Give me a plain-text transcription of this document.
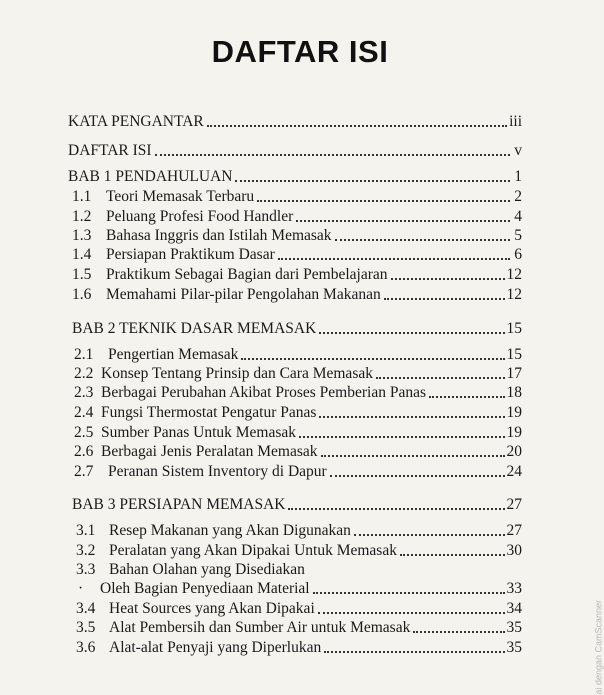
DAFTAR ISI
KATA PENGANTAR	iii
DAFTAR ISI	v
BAB 1 PENDAHULUAN	1
1.1 Teori Memasak Terbaru	2
1.2 Peluang Profesi Food Handler	4
1.3 Bahasa Inggris dan Istilah Memasak	5
1.4 Persiapan Praktikum Dasar	6
1.5 Praktikum Sebagai Bagian dari Pembelajaran	12
1.6 Memahami Pilar-pilar Pengolahan Makanan	12
BAB 2 TEKNIK DASAR MEMASAK	15
2.1 Pengertian Memasak	15
2.2 Konsep Tentang Prinsip dan Cara Memasak	17
2.3 Berbagai Perubahan Akibat Proses Pemberian Panas	18
2.4 Fungsi Thermostat Pengatur Panas	19
2.5 Sumber Panas Untuk Memasak	19
2.6 Berbagai Jenis Peralatan Memasak	20
2.7 Peranan Sistem Inventory di Dapur	24
BAB 3 PERSIAPAN MEMASAK	27
3.1 Resep Makanan yang Akan Digunakan	27
3.2 Peralatan yang Akan Dipakai Untuk Memasak	30
3.3 Bahan Olahan yang Disediakan
·	Oleh Bagian Penyediaan Material	33
3.4 Heat Sources yang Akan Dipakai	34
3.5 Alat Pembersih dan Sumber Air untuk Memasak	35
3.6 Alat-alat Penyaji yang Diperlukan	35	ai dengan CamScanner
